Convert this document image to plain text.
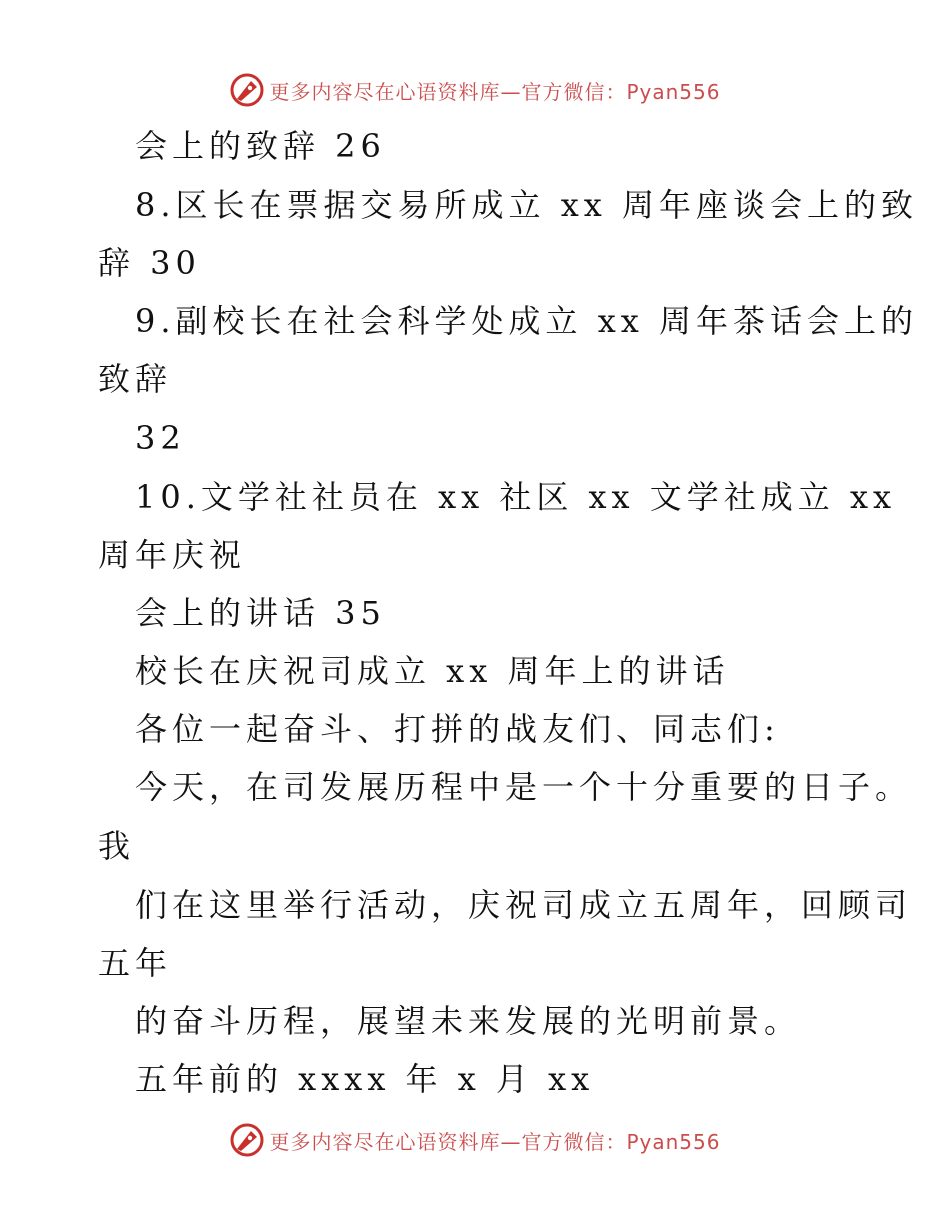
更多内容尽在心语资料库—官方微信：Pyan556
会上的致辞 26
8.区长在票据交易所成立 xx 周年座谈会上的致
辞 30
9.副校长在社会科学处成立 xx 周年茶话会上的
致辞
32
10.文学社社员在 xx 社区 xx 文学社成立 xx
周年庆祝
会上的讲话 35
校长在庆祝司成立 xx 周年上的讲话
各位一起奋斗、打拼的战友们、同志们:
今天，在司发展历程中是一个十分重要的日子。
我
们在这里举行活动，庆祝司成立五周年，回顾司
五年
的奋斗历程，展望未来发展的光明前景。
五年前的 xxxx 年 x 月 xx
更多内容尽在心语资料库—官方微信：Pyan556
